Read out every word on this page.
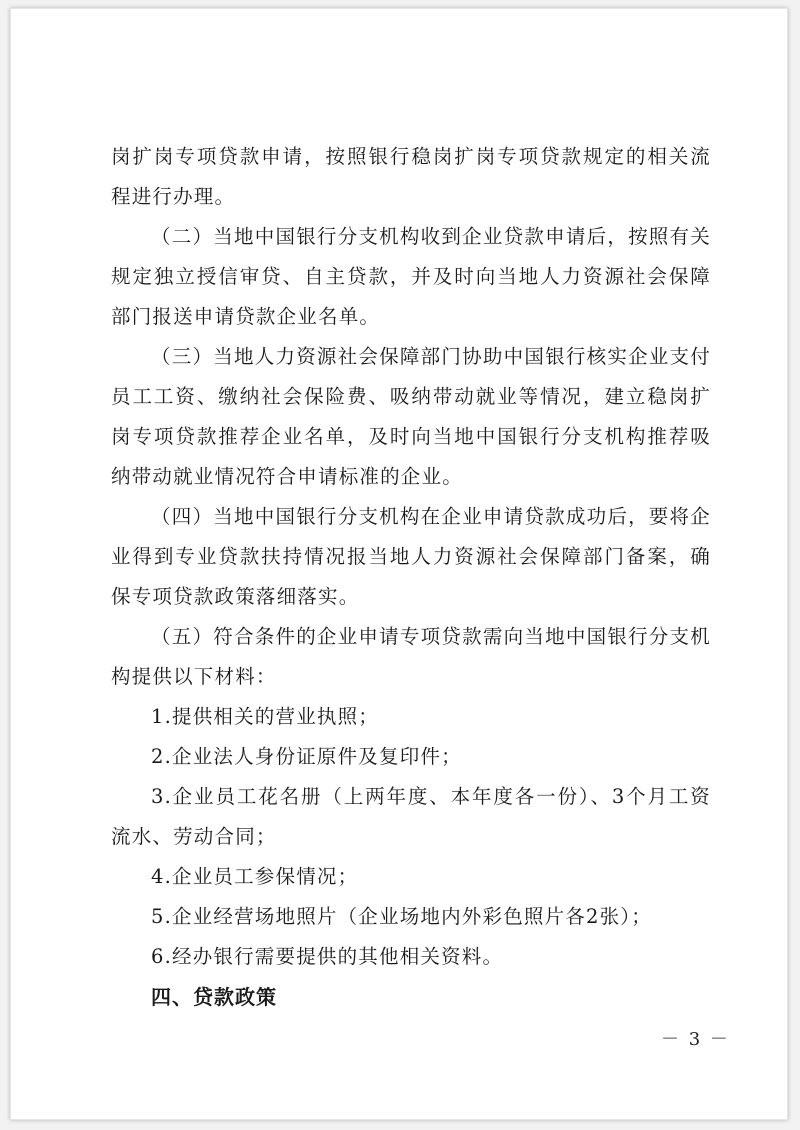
岗扩岗专项贷款申请，按照银行稳岗扩岗专项贷款规定的相关流程进行办理。

（二）当地中国银行分支机构收到企业贷款申请后，按照有关规定独立授信审贷、自主贷款，并及时向当地人力资源社会保障部门报送申请贷款企业名单。

（三）当地人力资源社会保障部门协助中国银行核实企业支付员工工资、缴纳社会保险费、吸纳带动就业等情况，建立稳岗扩岗专项贷款推荐企业名单，及时向当地中国银行分支机构推荐吸纳带动就业情况符合申请标准的企业。

（四）当地中国银行分支机构在企业申请贷款成功后，要将企业得到专业贷款扶持情况报当地人力资源社会保障部门备案，确保专项贷款政策落细落实。

（五）符合条件的企业申请专项贷款需向当地中国银行分支机构提供以下材料：

1.提供相关的营业执照；

2.企业法人身份证原件及复印件；

3.企业员工花名册（上两年度、本年度各一份）、3个月工资流水、劳动合同；

4.企业员工参保情况；

5.企业经营场地照片（企业场地内外彩色照片各2张）；

6.经办银行需要提供的其他相关资料。

四、贷款政策

－ 3 －
